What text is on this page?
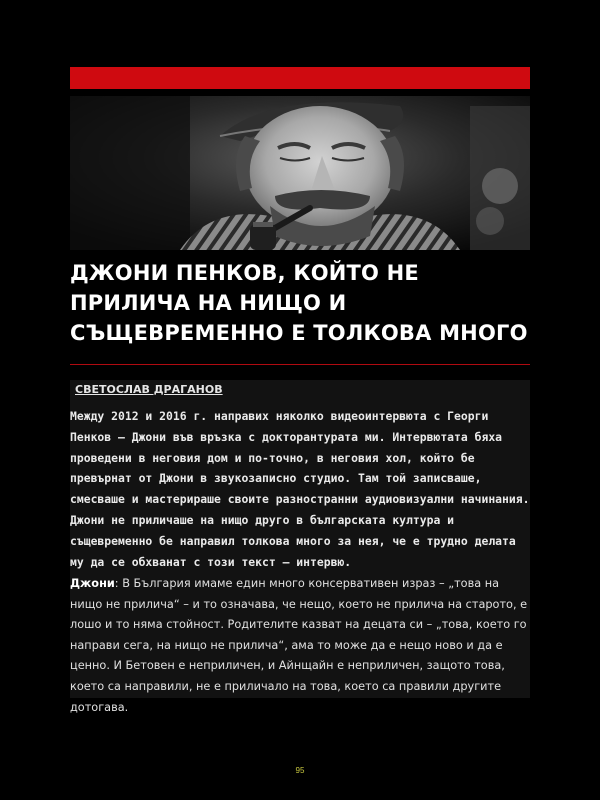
ДЖОНИ ПЕНКОВ, КОЙТО НЕ ПРИЛИЧА НА НИЩО И СЪЩЕВРЕМЕННО Е ТОЛКОВА МНОГО

СВЕТОСЛАВ ДРАГАНОВ

Между 2012 и 2016 г. направих няколко видеоинтервюта с Георги Пенков – Джони във връзка с докторантурата ми. Интервютата бяха проведени в неговия дом и по-точно, в неговия хол, който бе превърнат от Джони в звукозаписно студио. Там той записваше, смесваше и мастерираше своите разностранни аудиовизуални начинания. Джони не приличаше на нищо друго в българската култура и същевременно бе направил толкова много за нея, че е трудно делата му да се обхванат с този текст – интервю.

Джони: В България имаме един много консервативен израз – „това на нищо не прилича“ – и то означава, че нещо, което не прилича на старото, е лошо и то няма стойност. Родителите казват на децата си – „това, което го направи сега, на нищо не прилича“, ама то може да е нещо ново и да е ценно. И Бетовен е неприличен, и Айнщайн е неприличен, защото това, което са направили, не е приличало на това, което са правили другите дотогава.

95
